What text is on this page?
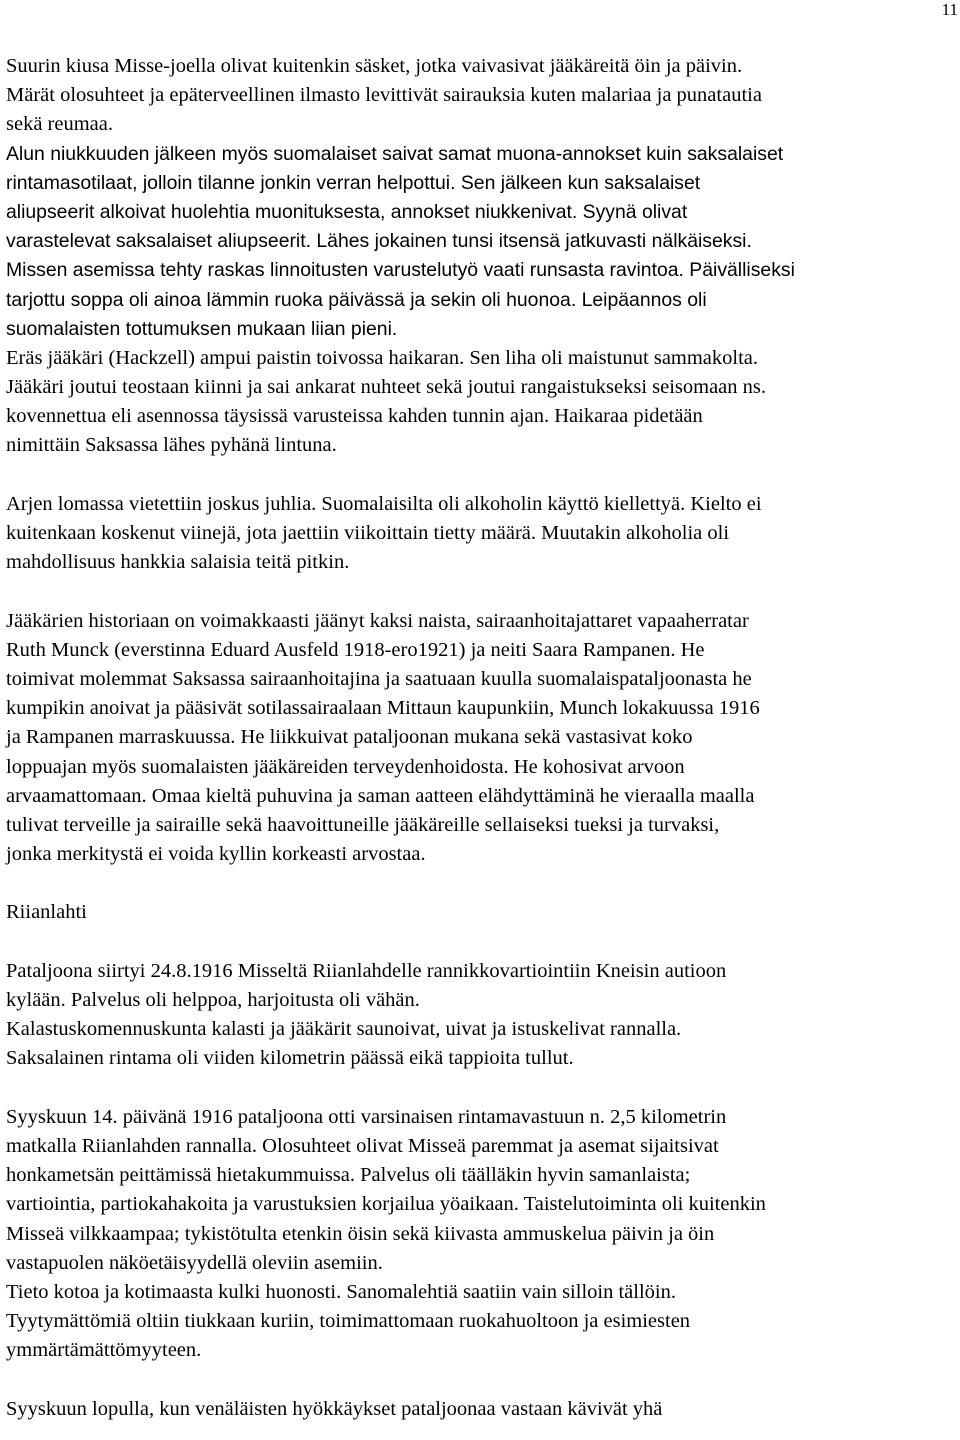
11
Suurin kiusa Misse-joella olivat kuitenkin säsket, jotka vaivasivat jääkäreitä öin ja päivin.
Märät olosuhteet ja epäterveellinen ilmasto levittivät sairauksia kuten malariaa ja punatautia
sekä reumaa.
Alun niukkuuden jälkeen myös suomalaiset saivat samat muona-annokset kuin saksalaiset
rintamasotilaat, jolloin tilanne jonkin verran helpottui. Sen jälkeen kun saksalaiset
aliupseerit alkoivat huolehtia muonituksesta, annokset niukkenivat. Syynä olivat
varastelevat saksalaiset aliupseerit. Lähes jokainen tunsi itsensä jatkuvasti nälkäiseksi.
Missen asemissa tehty raskas linnoitusten varustelutyö vaati runsasta ravintoa. Päivälliseksi
tarjottu soppa oli ainoa lämmin ruoka päivässä ja sekin oli huonoa. Leipäannos oli
suomalaisten tottumuksen mukaan liian pieni.
Eräs jääkäri (Hackzell) ampui paistin toivossa haikaran. Sen liha oli maistunut sammakolta.
Jääkäri joutui teostaan kiinni ja sai ankarat nuhteet sekä joutui rangaistukseksi seisomaan ns.
kovennettua eli asennossa täysissä varusteissa kahden tunnin ajan. Haikaraa pidetään
nimittäin Saksassa lähes pyhänä lintuna.
Arjen lomassa vietettiin joskus juhlia. Suomalaisilta oli alkoholin käyttö kiellettyä. Kielto ei
kuitenkaan koskenut viinejä, jota jaettiin viikoittain tietty määrä. Muutakin alkoholia oli
mahdollisuus hankkia salaisia teitä pitkin.
Jääkärien historiaan on voimakkaasti jäänyt kaksi naista, sairaanhoitajattaret vapaaherratar
Ruth Munck (everstinna Eduard Ausfeld 1918-ero1921) ja neiti Saara Rampanen. He
toimivat molemmat Saksassa sairaanhoitajina ja saatuaan kuulla suomalaispataljoonasta he
kumpikin anoivat ja pääsivät sotilassairaalaan Mittaun kaupunkiin, Munch lokakuussa 1916
ja Rampanen marraskuussa. He liikkuivat pataljoonan mukana sekä vastasivat koko
loppuajan myös suomalaisten jääkäreiden terveydenhoidosta. He kohosivat arvoon
arvaamattomaan. Omaa kieltä puhuvina ja saman aatteen elähdyttäminä he vieraalla maalla
tulivat terveille ja sairaille sekä haavoittuneille jääkäreille sellaiseksi tueksi ja turvaksi,
jonka merkitystä ei voida kyllin korkeasti arvostaa.
Riianlahti
Pataljoona siirtyi 24.8.1916 Misseltä Riianlahdelle rannikkovartiointiin Kneisin autioon
kylään. Palvelus oli helppoa, harjoitusta oli vähän.
Kalastuskomennuskunta kalasti ja jääkärit saunoivat, uivat ja istuskelivat rannalla.
Saksalainen rintama oli viiden kilometrin päässä eikä tappioita tullut.
Syyskuun 14. päivänä 1916 pataljoona otti varsinaisen rintamavastuun n. 2,5 kilometrin
matkalla Riianlahden rannalla. Olosuhteet olivat Misseä paremmat ja asemat sijaitsivat
honkametsän peittämissä hietakummuissa. Palvelus oli täälläkin hyvin samanlaista;
vartiointia, partiokahakoita ja varustuksien korjailua yöaikaan. Taistelutoiminta oli kuitenkin
Misseä vilkkaampaa; tykistötulta etenkin öisin sekä kiivasta ammuskelua päivin ja öin
vastapuolen näköetäisyydellä oleviin asemiin.
Tieto kotoa ja kotimaasta kulki huonosti. Sanomalehtiä saatiin vain silloin tällöin.
Tyytymättömiä oltiin tiukkaan kuriin, toimimattomaan ruokahuoltoon ja esimiesten
ymmärtämättömyyteen.
Syyskuun lopulla, kun venäläisten hyökkäykset pataljoonaa vastaan kävivät yhä
